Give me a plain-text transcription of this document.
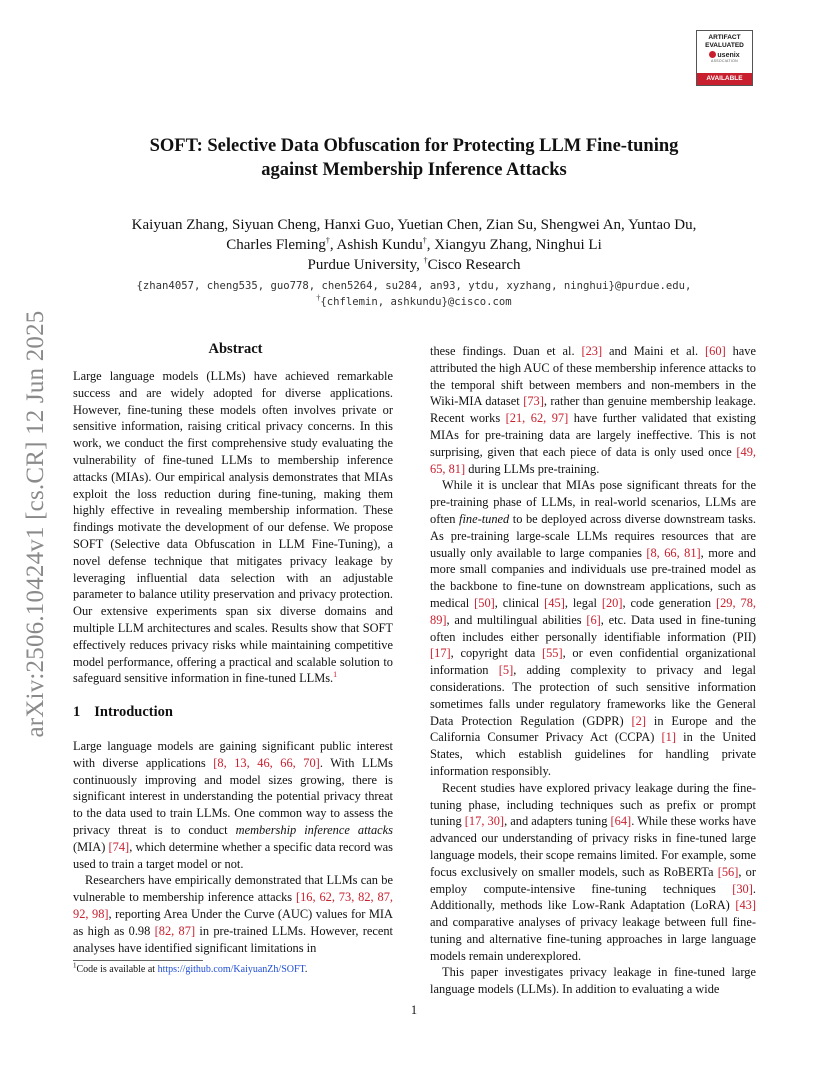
arXiv:2506.10424v1 [cs.CR] 12 Jun 2025
ARTIFACT
EVALUATED
usenix
ASSOCIATION
AVAILABLE
SOFT: Selective Data Obfuscation for Protecting LLM Fine-tuning
against Membership Inference Attacks
Kaiyuan Zhang, Siyuan Cheng, Hanxi Guo, Yuetian Chen, Zian Su, Shengwei An, Yuntao Du,
Charles Fleming†, Ashish Kundu†, Xiangyu Zhang, Ninghui Li
Purdue University, †Cisco Research
{zhan4057, cheng535, guo778, chen5264, su284, an93, ytdu, xyzhang, ninghui}@purdue.edu,
†{chflemin, ashkundu}@cisco.com
Abstract

Large language models (LLMs) have achieved remarkable success and are widely adopted for diverse applications. However, fine-tuning these models often involves private or sensitive information, raising critical privacy concerns. In this work, we conduct the first comprehensive study evaluating the vulnerability of fine-tuned LLMs to membership inference attacks (MIAs). Our empirical analysis demonstrates that MIAs exploit the loss reduction during fine-tuning, making them highly effective in revealing membership information. These findings motivate the development of our defense. We propose SOFT (Selective data Obfuscation in LLM Fine-Tuning), a novel defense technique that mitigates privacy leakage by leveraging influential data selection with an adjustable parameter to balance utility preservation and privacy protection. Our extensive experiments span six diverse domains and multiple LLM architectures and scales. Results show that SOFT effectively reduces privacy risks while maintaining competitive model performance, offering a practical and scalable solution to safeguard sensitive information in fine-tuned LLMs.$^1$

1 Introduction

Large language models are gaining significant public interest with diverse applications [8, 13, 46, 66, 70]. With LLMs continuously improving and model sizes growing, there is significant interest in understanding the potential privacy threat to the data used to train LLMs. One common way to assess the privacy threat is to conduct membership inference attacks (MIA) [74], which determine whether a specific data record was used to train a target model or not.

Researchers have empirically demonstrated that LLMs can be vulnerable to membership inference attacks [16, 62, 73, 82, 87, 92, 98], reporting Area Under the Curve (AUC) values for MIA as high as 0.98 [82, 87] in pre-trained LLMs. However, recent analyses have identified significant limitations in

$^1$Code is available at https://github.com/KaiyuanZh/SOFT.

these findings. Duan et al. [23] and Maini et al. [60] have attributed the high AUC of these membership inference attacks to the temporal shift between members and non-members in the Wiki-MIA dataset [73], rather than genuine membership leakage. Recent works [21, 62, 97] have further validated that existing MIAs for pre-training data are largely ineffective. This is not surprising, given that each piece of data is only used once [49, 65, 81] during LLMs pre-training.

While it is unclear that MIAs pose significant threats for the pre-training phase of LLMs, in real-world scenarios, LLMs are often fine-tuned to be deployed across diverse downstream tasks. As pre-training large-scale LLMs requires resources that are usually only available to large companies [8, 66, 81], more and more small companies and individuals use pre-trained model as the backbone to fine-tune on downstream applications, such as medical [50], clinical [45], legal [20], code generation [29, 78, 89], and multilingual abilities [6], etc. Data used in fine-tuning often includes either personally identifiable information (PII) [17], copyright data [55], or even confidential organizational information [5], adding complexity to privacy and legal considerations. The protection of such sensitive information sometimes falls under regulatory frameworks like the General Data Protection Regulation (GDPR) [2] in Europe and the California Consumer Privacy Act (CCPA) [1] in the United States, which establish guidelines for handling private information responsibly.

Recent studies have explored privacy leakage during the fine-tuning phase, including techniques such as prefix or prompt tuning [17, 30], and adapters tuning [64]. While these works have advanced our understanding of privacy risks in fine-tuned large language models, their scope remains limited. For example, some focus exclusively on smaller models, such as RoBERTa [56], or employ compute-intensive fine-tuning techniques [30]. Additionally, methods like Low-Rank Adaptation (LoRA) [43] and comparative analyses of privacy leakage between full fine-tuning and alternative fine-tuning approaches in large language models remain underexplored.

This paper investigates privacy leakage in fine-tuned large language models (LLMs). In addition to evaluating a wide

1
